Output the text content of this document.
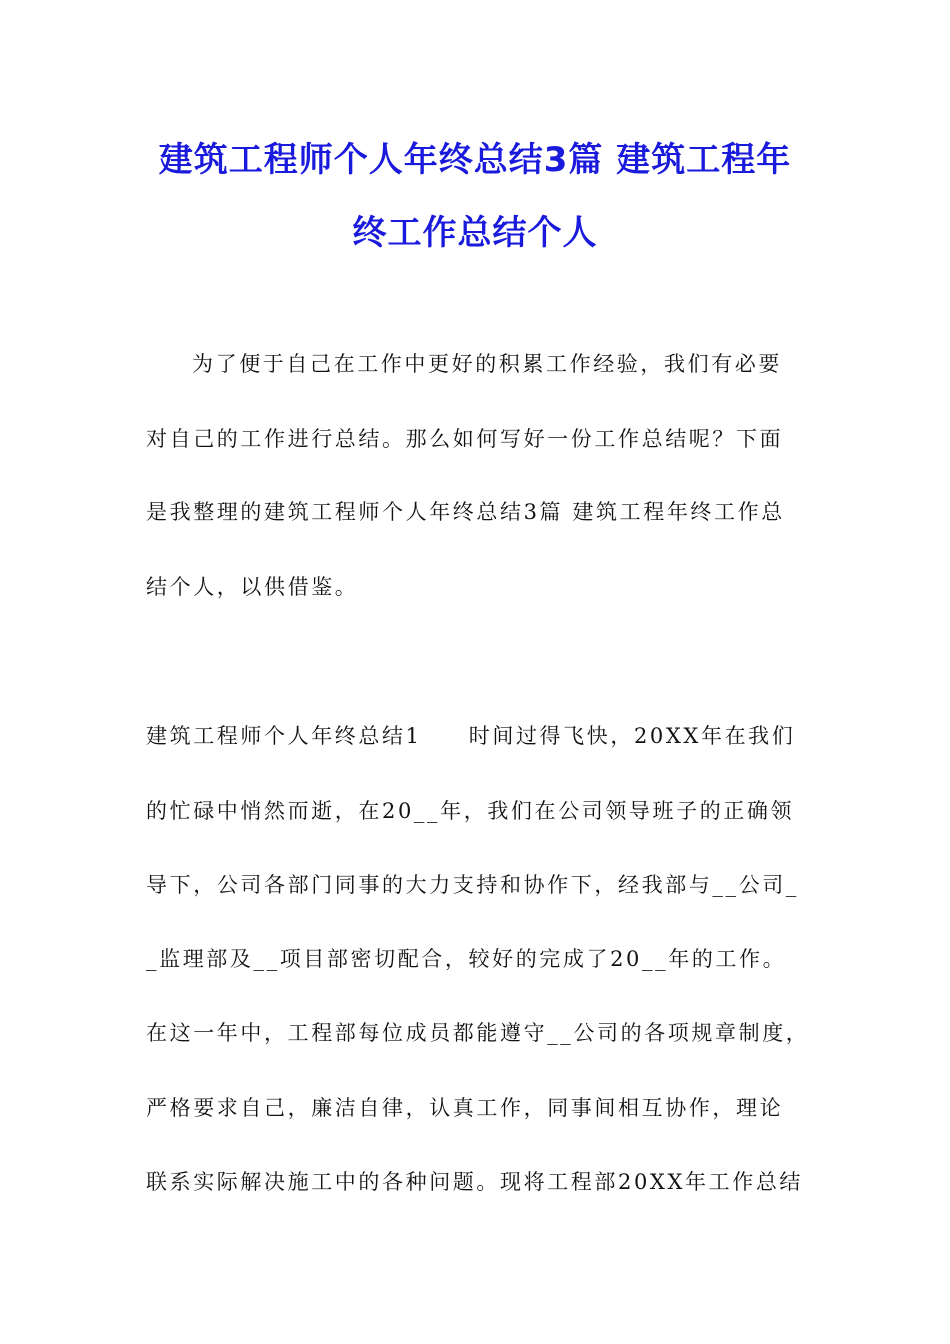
建筑工程师个人年终总结3篇 建筑工程年
终工作总结个人
为了便于自己在工作中更好的积累工作经验，我们有必要
对自己的工作进行总结。那么如何写好一份工作总结呢？下面
是我整理的建筑工程师个人年终总结3篇 建筑工程年终工作总
结个人，以供借鉴。
建筑工程师个人年终总结1　　时间过得飞快，20XX年在我们
的忙碌中悄然而逝，在20__年，我们在公司领导班子的正确领
导下，公司各部门同事的大力支持和协作下，经我部与__公司_
_监理部及__项目部密切配合，较好的完成了20__年的工作。
在这一年中，工程部每位成员都能遵守__公司的各项规章制度，
严格要求自己，廉洁自律，认真工作，同事间相互协作，理论
联系实际解决施工中的各种问题。现将工程部20XX年工作总结
